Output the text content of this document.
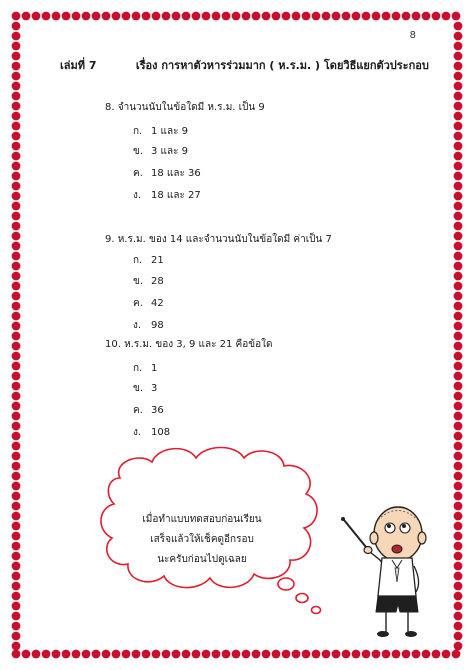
8
เล่มที่ 7	เรื่อง การหาตัวหารร่วมมาก ( ห.ร.ม. ) โดยวิธีแยกตัวประกอบ
8. จำนวนนับในข้อใดมี ห.ร.ม. เป็น 9
ก. 1 และ 9
ข. 3 และ 9
ค. 18 และ 36
ง. 18 และ 27
9. ห.ร.ม. ของ 14 และจำนวนนับในข้อใดมี ค่าเป็น 7
ก. 21
ข. 28
ค. 42
ง. 98
10. ห.ร.ม. ของ 3, 9 และ 21 คือข้อใด
ก. 1
ข. 3
ค. 36
ง. 108
เมื่อทำแบบทดสอบก่อนเรียน
เสร็จแล้วให้เช็คดูอีกรอบ
นะครับก่อนไปดูเฉลย
